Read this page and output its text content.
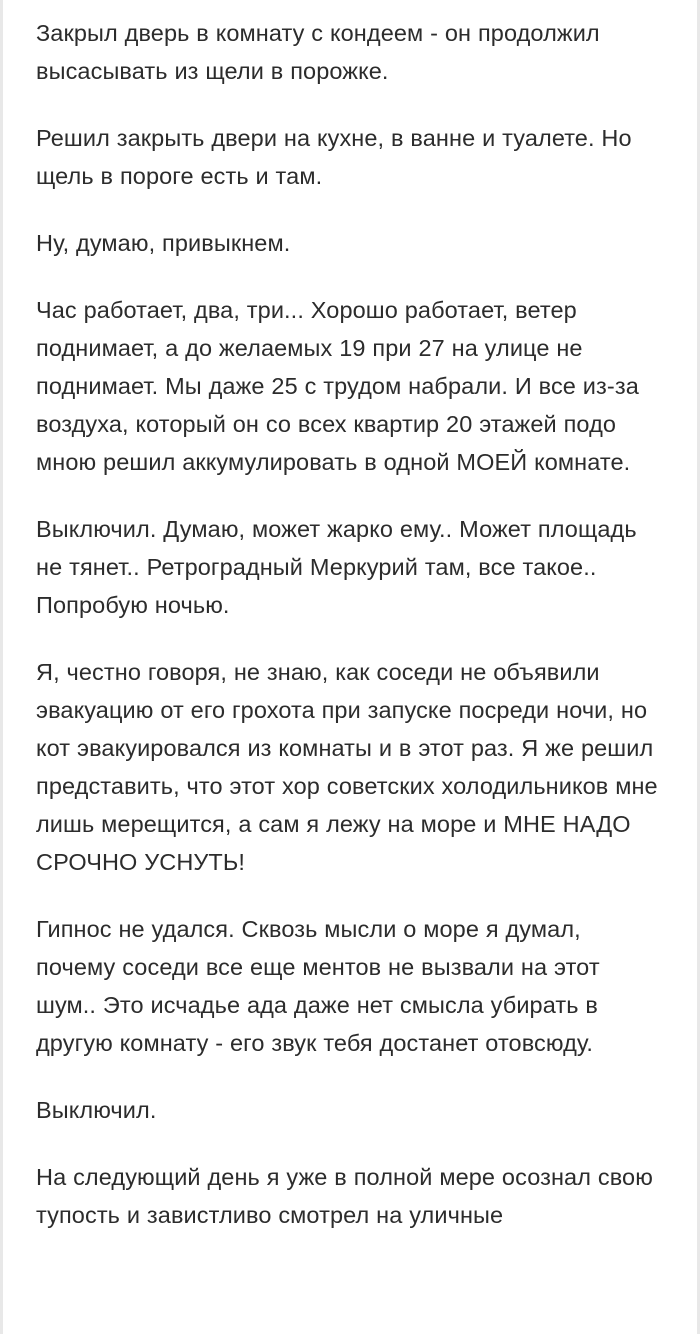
Закрыл дверь в комнату с кондеем - он продолжил высасывать из щели в порожке.

Решил закрыть двери на кухне, в ванне и туалете. Но щель в пороге есть и там.

Ну, думаю, привыкнем.

Час работает, два, три... Хорошо работает, ветер поднимает, а до желаемых 19 при 27 на улице не поднимает. Мы даже 25 с трудом набрали. И все из-за воздуха, который он со всех квартир 20 этажей подо мною решил аккумулировать в одной МОЕЙ комнате.

Выключил. Думаю, может жарко ему.. Может площадь не тянет.. Ретроградный Меркурий там, все такое.. Попробую ночью.

Я, честно говоря, не знаю, как соседи не объявили эвакуацию от его грохота при запуске посреди ночи, но кот эвакуировался из комнаты и в этот раз. Я же решил представить, что этот хор советских холодильников мне лишь мерещится, а сам я лежу на море и МНЕ НАДО СРОЧНО УСНУТЬ!

Гипнос не удался. Сквозь мысли о море я думал, почему соседи все еще ментов не вызвали на этот шум.. Это исчадье ада даже нет смысла убирать в другую комнату - его звук тебя достанет отовсюду.

Выключил.

На следующий день я уже в полной мере осознал свою тупость и завистливо смотрел на уличные
